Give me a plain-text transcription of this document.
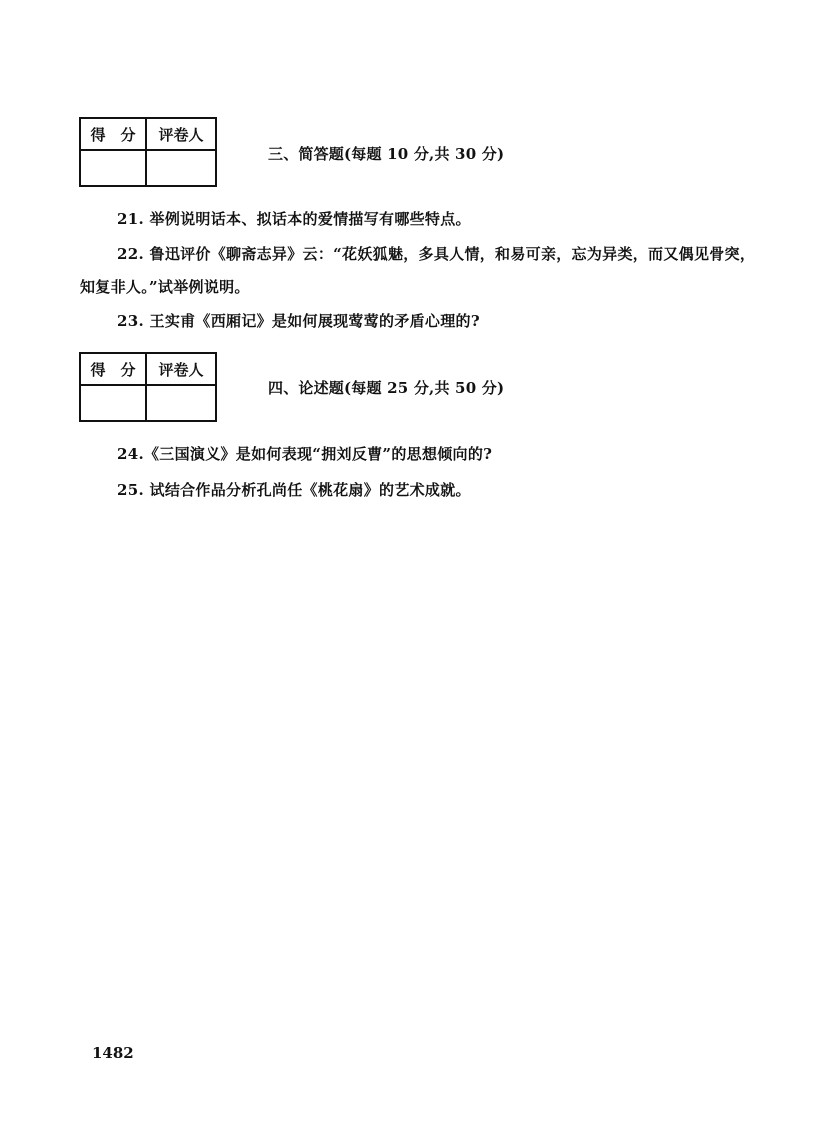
得　分	评卷人

三、简答题(每题 10 分,共 30 分)
21. 举例说明话本、拟话本的爱情描写有哪些特点。
22. 鲁迅评价《聊斋志异》云：“花妖狐魅，多具人情，和易可亲，忘为异类，而又偶见骨突，
知复非人。”试举例说明。
23. 王实甫《西厢记》是如何展现莺莺的矛盾心理的?
得　分	评卷人

四、论述题(每题 25 分,共 50 分)
24.《三国演义》是如何表现“拥刘反曹”的思想倾向的?
25. 试结合作品分析孔尚任《桃花扇》的艺术成就。
1482
